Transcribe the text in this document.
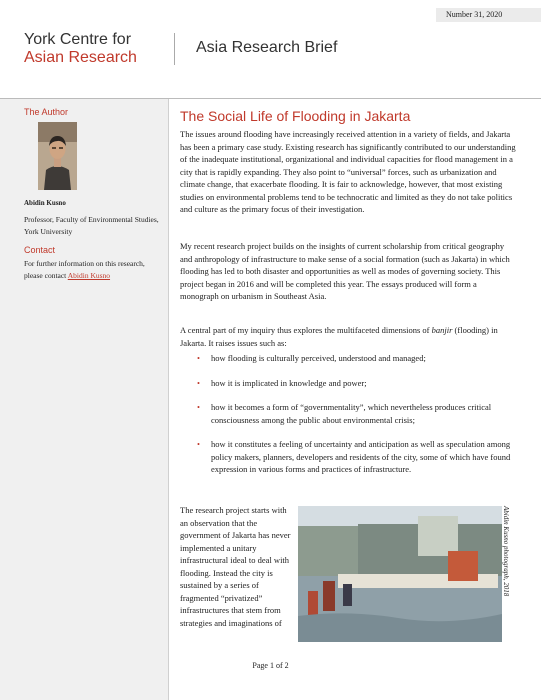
Number 31, 2020
York Centre for
Asian Research
Asia Research Brief
The Author
Abidin Kusno
Professor, Faculty of Environmental Studies, York University
Contact
For further information on this research, please contact Abidin Kusno
The Social Life of Flooding in Jakarta

The issues around flooding have increasingly received attention in a variety of fields, and Jakarta has been a primary case study. Existing research has significantly contributed to our understanding of the inadequate institutional, organizational and individual capacities for flood management in a city that is rapidly expanding. They also point to “universal” forces, such as urbanization and climate change, that exacerbate flooding. It is fair to acknowledge, however, that most existing studies on environmental problems tend to be technocratic and limited as they do not take politics and culture as the primary focus of their investigation.

My recent research project builds on the insights of current scholarship from critical geography and anthropology of infrastructure to make sense of a social formation (such as Jakarta) in which flooding has led to both disaster and opportunities as well as modes of governing society. This project began in 2016 and will be completed this year. The essays produced will form a monograph on urbanism in Southeast Asia.

A central part of my inquiry thus explores the multifaceted dimensions of banjir (flooding) in Jakarta. It raises issues such as:

• how flooding is culturally perceived, understood and managed;
• how it is implicated in knowledge and power;
• how it becomes a form of “governmentality”, which nevertheless produces critical consciousness among the public about environmental crisis;
• how it constitutes a feeling of uncertainty and anticipation as well as speculation among policy makers, planners, developers and residents of the city, some of which have found expression in various forms and practices of infrastructure.
The research project starts with an observation that the government of Jakarta has never implemented a unitary infrastructural ideal to deal with flooding. Instead the city is sustained by a series of fragmented “privatized” infrastructures that stem from strategies and imaginations of
Abidin Kusno photograph, 2018
Page 1 of 2
